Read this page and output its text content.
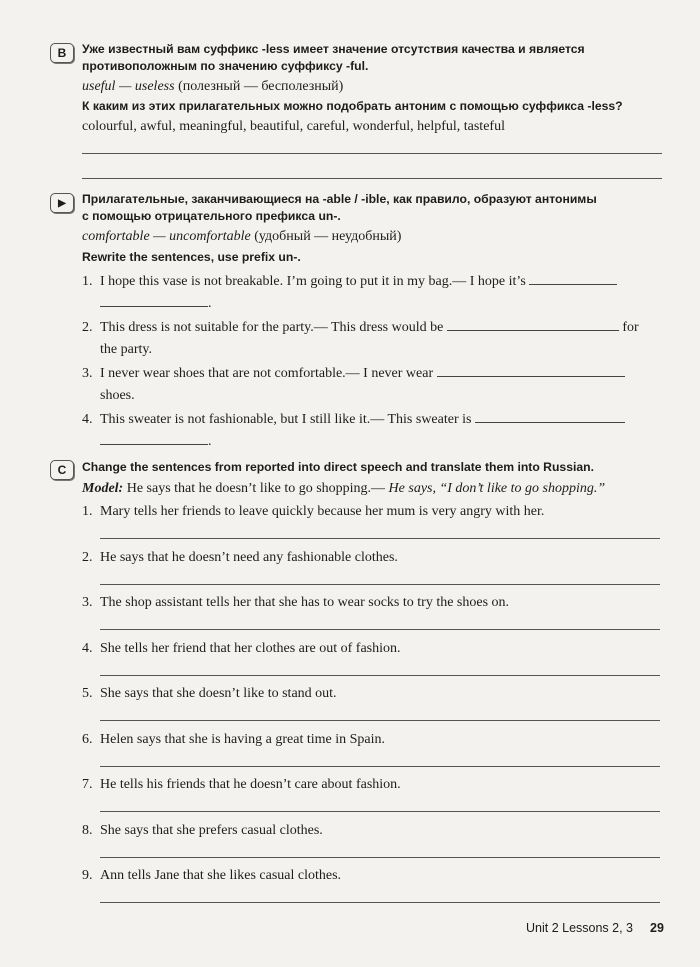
B	Уже известный вам суффикс -less имеет значение отсутствия качества и является
противоположным по значению суффиксу -ful.
useful — useless (полезный — бесполезный)
К каким из этих прилагательных можно подобрать антоним с помощью суффикса -less?
colourful, awful, meaningful, beautiful, careful, wonderful, helpful, tasteful
▶	Прилагательные, заканчивающиеся на -able / -ible, как правило, образуют антонимы
с помощью отрицательного префикса un-.
comfortable — uncomfortable (удобный — неудобный)
Rewrite the sentences, use prefix un-.
1. I hope this vase is not breakable. I’m going to put it in my bag.— I hope it’s
.
2. This dress is not suitable for the party.— This dress would be	for
the party.
3. I never wear shoes that are not comfortable.— I never wear
shoes.
4. This sweater is not fashionable, but I still like it.— This sweater is
.
C	Change the sentences from reported into direct speech and translate them into Russian.
Model: He says that he doesn’t like to go shopping.— He says, “I don’t like to go shopping.”
1. Mary tells her friends to leave quickly because her mum is very angry with her.
2. He says that he doesn’t need any fashionable clothes.
3. The shop assistant tells her that she has to wear socks to try the shoes on.
4. She tells her friend that her clothes are out of fashion.
5. She says that she doesn’t like to stand out.
6. Helen says that she is having a great time in Spain.
7. He tells his friends that he doesn’t care about fashion.
8. She says that she prefers casual clothes.
9. Ann tells Jane that she likes casual clothes.
Unit 2 Lessons 2, 3 29
